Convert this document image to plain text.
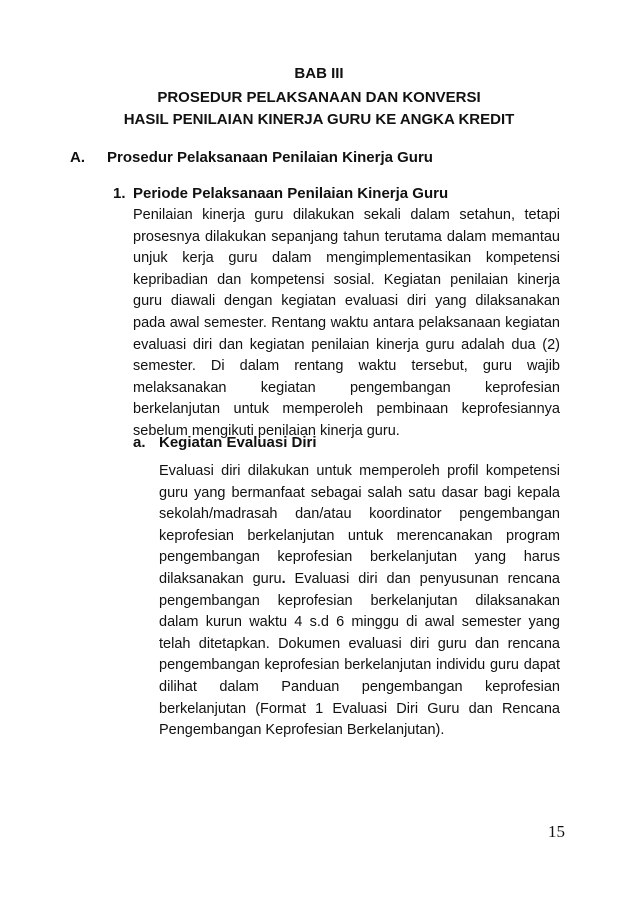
BAB III
PROSEDUR PELAKSANAAN DAN KONVERSI
HASIL PENILAIAN KINERJA GURU KE ANGKA KREDIT
A. Prosedur Pelaksanaan Penilaian Kinerja Guru
1. Periode Pelaksanaan Penilaian Kinerja Guru

Penilaian kinerja guru dilakukan sekali dalam setahun, tetapi prosesnya dilakukan sepanjang tahun terutama dalam memantau unjuk kerja guru dalam mengimplementasikan kompetensi kepribadian dan kompetensi sosial. Kegiatan penilaian kinerja guru diawali dengan kegiatan evaluasi diri yang dilaksanakan pada awal semester. Rentang waktu antara pelaksanaan kegiatan evaluasi diri dan kegiatan penilaian kinerja guru adalah dua (2) semester. Di dalam rentang waktu tersebut, guru wajib melaksanakan kegiatan pengembangan keprofesian berkelanjutan untuk memperoleh pembinaan keprofesiannya sebelum mengikuti penilaian kinerja guru.

a. Kegiatan Evaluasi Diri

Evaluasi diri dilakukan untuk memperoleh profil kompetensi guru yang bermanfaat sebagai salah satu dasar bagi kepala sekolah/madrasah dan/atau koordinator pengembangan keprofesian berkelanjutan untuk merencanakan program pengembangan keprofesian berkelanjutan yang harus dilaksanakan guru. Evaluasi diri dan penyusunan rencana pengembangan keprofesian berkelanjutan dilaksanakan dalam kurun waktu 4 s.d 6 minggu di awal semester yang telah ditetapkan. Dokumen evaluasi diri guru dan rencana pengembangan keprofesian berkelanjutan individu guru dapat dilihat dalam Panduan pengembangan keprofesian berkelanjutan (Format 1 Evaluasi Diri Guru dan Rencana Pengembangan Keprofesian Berkelanjutan).

15
